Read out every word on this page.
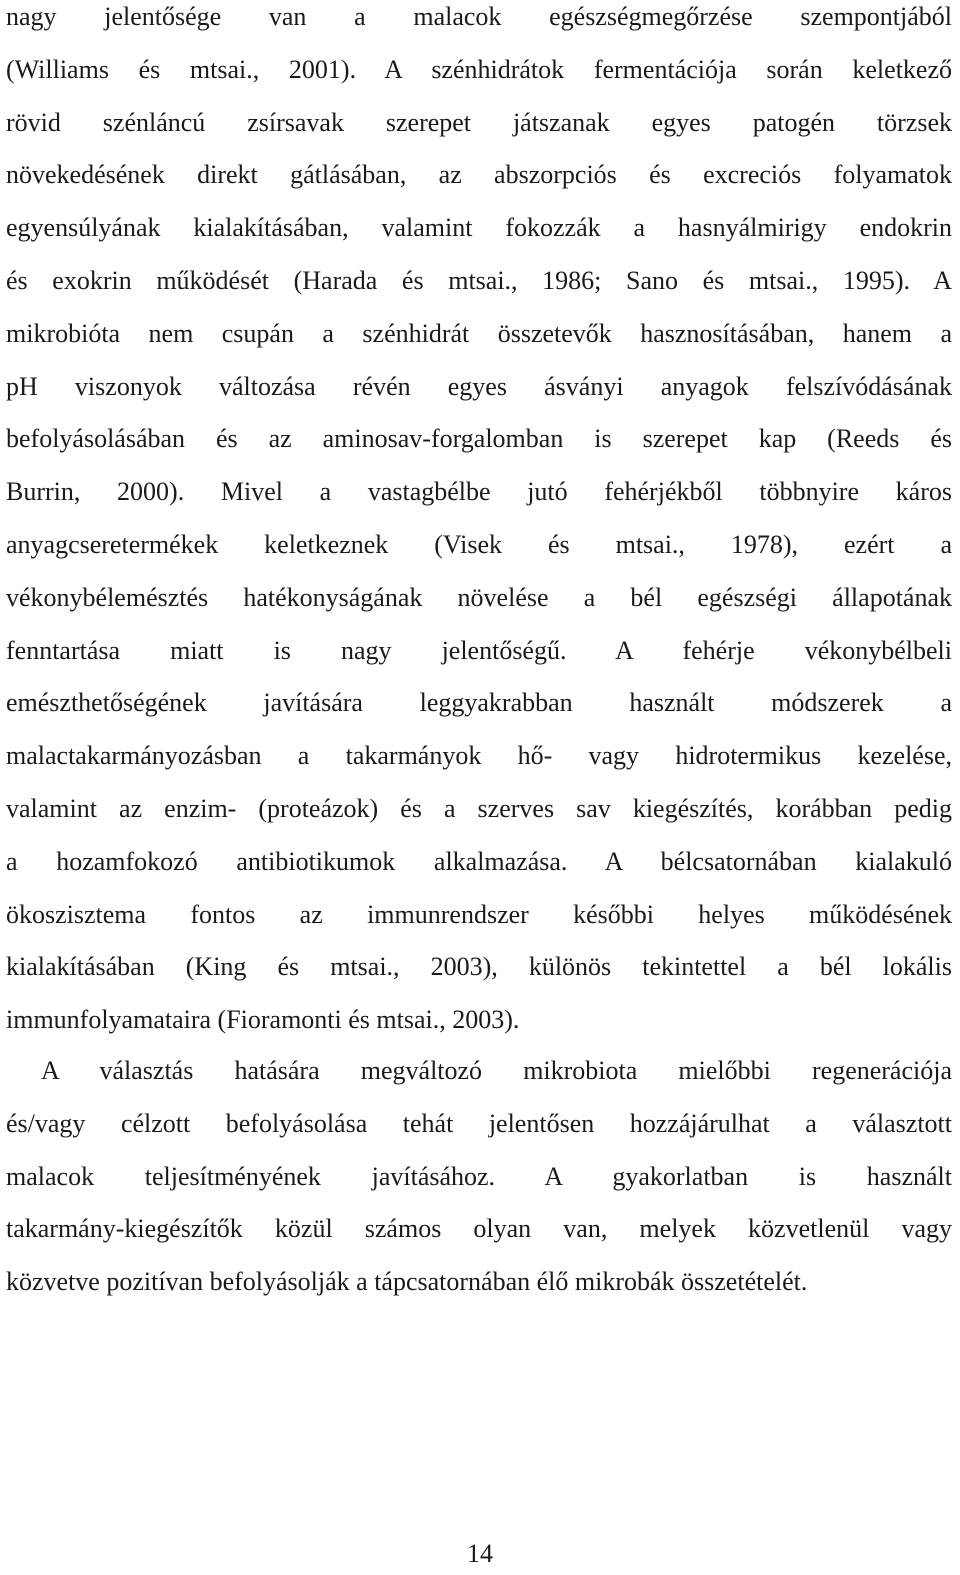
nagy jelentősége van a malacok egészségmegőrzése szempontjából
(Williams és mtsai., 2001). A szénhidrátok fermentációja során keletkező
rövid szénláncú zsírsavak szerepet játszanak egyes patogén törzsek
növekedésének direkt gátlásában, az abszorpciós és excreciós folyamatok
egyensúlyának kialakításában, valamint fokozzák a hasnyálmirigy endokrin
és exokrin működését (Harada és mtsai., 1986; Sano és mtsai., 1995). A
mikrobióta nem csupán a szénhidrát összetevők hasznosításában, hanem a
pH viszonyok változása révén egyes ásványi anyagok felszívódásának
befolyásolásában és az aminosav-forgalomban is szerepet kap (Reeds és
Burrin, 2000). Mivel a vastagbélbe jutó fehérjékből többnyire káros
anyagcseretermékek keletkeznek (Visek és mtsai., 1978), ezért a
vékonybélemésztés hatékonyságának növelése a bél egészségi állapotának
fenntartása miatt is nagy jelentőségű. A fehérje vékonybélbeli
emészthetőségének javítására leggyakrabban használt módszerek a
malactakarmányozásban a takarmányok hő- vagy hidrotermikus kezelése,
valamint az enzim- (proteázok) és a szerves sav kiegészítés, korábban pedig
a hozamfokozó antibiotikumok alkalmazása. A bélcsatornában kialakuló
ökoszisztema fontos az immunrendszer későbbi helyes működésének
kialakításában (King és mtsai., 2003), különös tekintettel a bél lokális
immunfolyamataira (Fioramonti és mtsai., 2003).
A választás hatására megváltozó mikrobiota mielőbbi regenerációja
és/vagy célzott befolyásolása tehát jelentősen hozzájárulhat a választott
malacok teljesítményének javításához. A gyakorlatban is használt
takarmány-kiegészítők közül számos olyan van, melyek közvetlenül vagy
közvetve pozitívan befolyásolják a tápcsatornában élő mikrobák összetételét.
14
